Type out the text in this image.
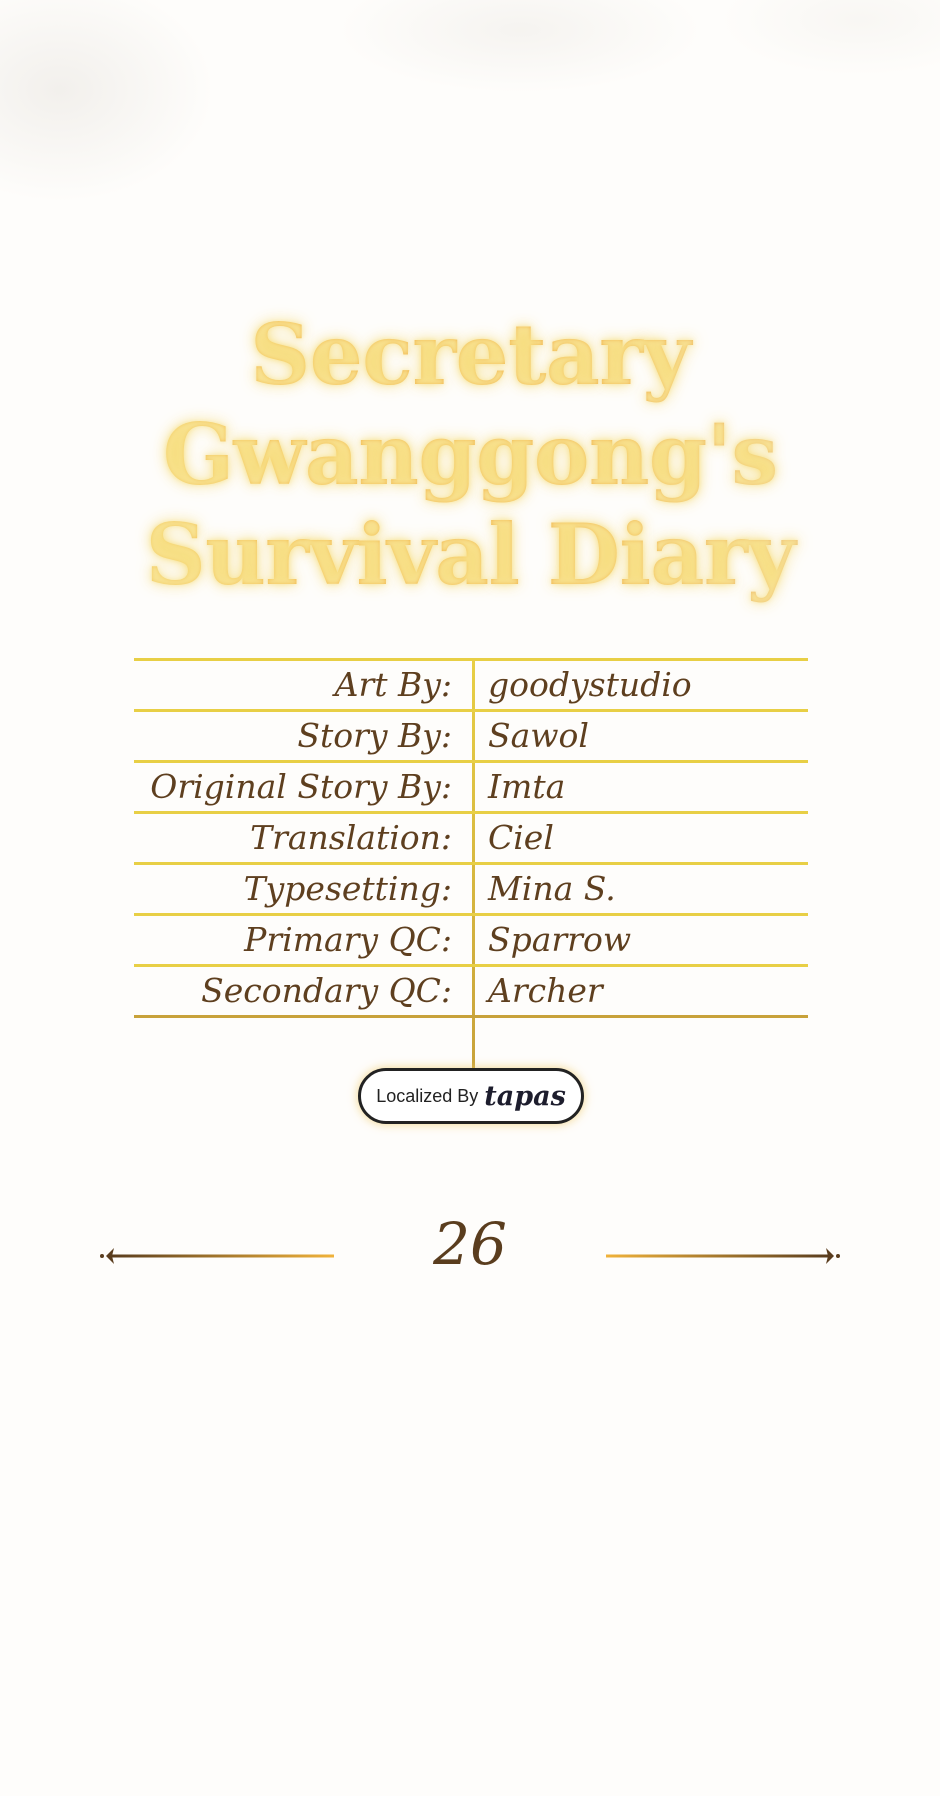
Secretary
Gwanggong's
Survival Diary
Art By: goodystudio
Story By: Sawol
Original Story By: Imta
Translation: Ciel
Typesetting: Mina S.
Primary QC: Sparrow
Secondary QC: Archer
Localized By tapas
26
